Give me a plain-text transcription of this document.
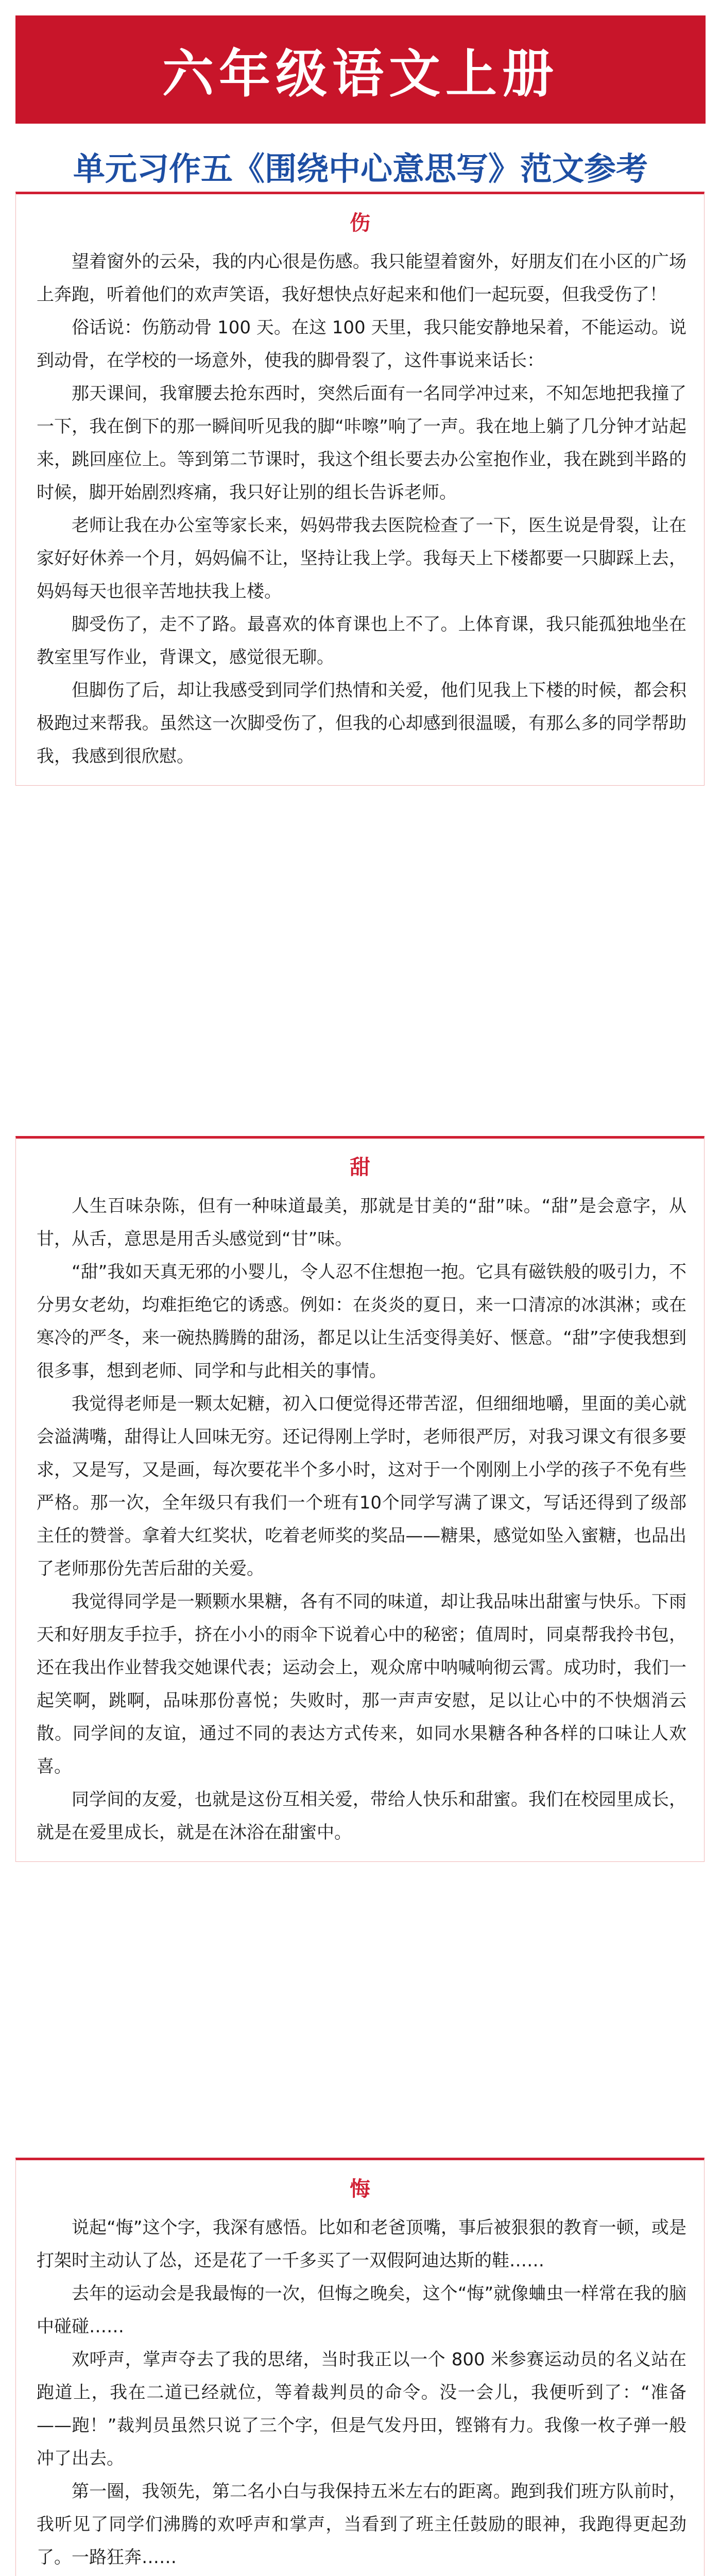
六年级语文上册
单元习作五《围绕中心意思写》范文参考
伤

望着窗外的云朵，我的内心很是伤感。我只能望着窗外，好朋友们在小区的广场上奔跑，听着他们的欢声笑语，我好想快点好起来和他们一起玩耍，但我受伤了！

俗话说：伤筋动骨 100 天。在这 100 天里，我只能安静地呆着，不能运动。说到动骨，在学校的一场意外，使我的脚骨裂了，这件事说来话长：

那天课间，我窜腰去抢东西时，突然后面有一名同学冲过来，不知怎地把我撞了一下，我在倒下的那一瞬间听见我的脚“咔嚓”响了一声。我在地上躺了几分钟才站起来，跳回座位上。等到第二节课时，我这个组长要去办公室抱作业，我在跳到半路的时候，脚开始剧烈疼痛，我只好让别的组长告诉老师。

老师让我在办公室等家长来，妈妈带我去医院检查了一下，医生说是骨裂，让在家好好休养一个月，妈妈偏不让，坚持让我上学。我每天上下楼都要一只脚踩上去，妈妈每天也很辛苦地扶我上楼。

脚受伤了，走不了路。最喜欢的体育课也上不了。上体育课，我只能孤独地坐在教室里写作业，背课文，感觉很无聊。

但脚伤了后，却让我感受到同学们热情和关爱，他们见我上下楼的时候，都会积极跑过来帮我。虽然这一次脚受伤了，但我的心却感到很温暖，有那么多的同学帮助我，我感到很欣慰。

甜

人生百味杂陈，但有一种味道最美，那就是甘美的“甜”味。“甜”是会意字，从甘，从舌，意思是用舌头感觉到“甘”味。

“甜”我如天真无邪的小婴儿，令人忍不住想抱一抱。它具有磁铁般的吸引力，不分男女老幼，均难拒绝它的诱惑。例如：在炎炎的夏日，来一口清凉的冰淇淋；或在寒冷的严冬，来一碗热腾腾的甜汤，都足以让生活变得美好、惬意。“甜”字使我想到很多事，想到老师、同学和与此相关的事情。

我觉得老师是一颗太妃糖，初入口便觉得还带苦涩，但细细地嚼，里面的美心就会溢满嘴，甜得让人回味无穷。还记得刚上学时，老师很严厉，对我习课文有很多要求，又是写，又是画，每次要花半个多小时，这对于一个刚刚上小学的孩子不免有些严格。那一次，全年级只有我们一个班有10个同学写满了课文，写话还得到了级部主任的赞誉。拿着大红奖状，吃着老师奖的奖品——糖果，感觉如坠入蜜糖，也品出了老师那份先苦后甜的关爱。

我觉得同学是一颗颗水果糖，各有不同的味道，却让我品味出甜蜜与快乐。下雨天和好朋友手拉手，挤在小小的雨伞下说着心中的秘密；值周时，同桌帮我拎书包，还在我出作业替我交她课代表；运动会上，观众席中呐喊响彻云霄。成功时，我们一起笑啊，跳啊，品味那份喜悦；失败时，那一声声安慰，足以让心中的不快烟消云散。同学间的友谊，通过不同的表达方式传来，如同水果糖各种各样的口味让人欢喜。

同学间的友爱，也就是这份互相关爱，带给人快乐和甜蜜。我们在校园里成长，就是在爱里成长，就是在沐浴在甜蜜中。

悔

说起“悔”这个字，我深有感悟。比如和老爸顶嘴，事后被狠狠的教育一顿，或是打架时主动认了怂，还是花了一千多买了一双假阿迪达斯的鞋……

去年的运动会是我最悔的一次，但悔之晚矣，这个“悔”就像蛐虫一样常在我的脑中碰碰……

欢呼声，掌声夺去了我的思绪，当时我正以一个 800 米参赛运动员的名义站在跑道上，我在二道已经就位，等着裁判员的命令。没一会儿，我便听到了：“准备——跑！”裁判员虽然只说了三个字，但是气发丹田，铿锵有力。我像一枚子弹一般冲了出去。

第一圈，我领先，第二名小白与我保持五米左右的距离。跑到我们班方队前时，我听见了同学们沸腾的欢呼声和掌声，当看到了班主任鼓励的眼神，我跑得更起劲了。一路狂奔……
